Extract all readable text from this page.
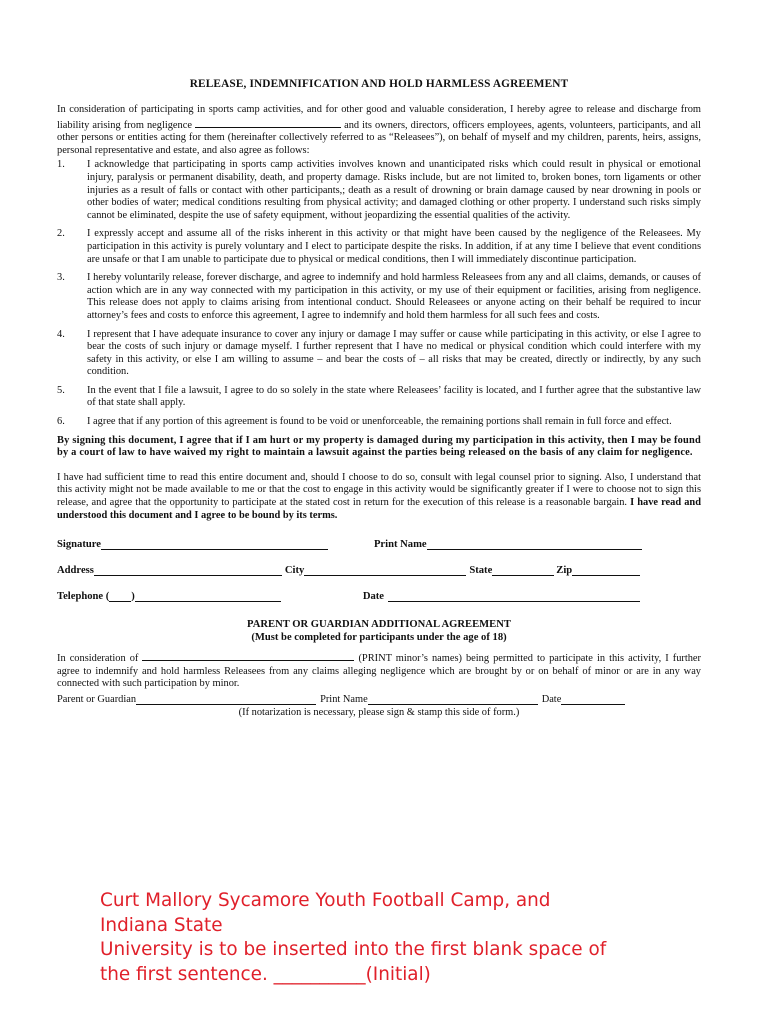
RELEASE, INDEMNIFICATION AND HOLD HARMLESS AGREEMENT

In consideration of participating in sports camp activities, and for other good and valuable consideration, I hereby agree to release and discharge from liability arising from negligence	and its owners, directors, officers employees, agents, volunteers, participants, and all other persons or entities acting for them (hereinafter collectively referred to as “Releasees”), on behalf of myself and my children, parents, heirs, assigns, personal representative and estate, and also agree as follows:

1.	I acknowledge that participating in sports camp activities involves known and unanticipated risks which could result in physical or emotional injury, paralysis or permanent disability, death, and property damage. Risks include, but are not limited to, broken bones, torn ligaments or other injuries as a result of falls or contact with other participants,; death as a result of drowning or brain damage caused by near drowning in pools or other bodies of water; medical conditions resulting from physical activity; and damaged clothing or other property. I understand such risks simply cannot be eliminated, despite the use of safety equipment, without jeopardizing the essential qualities of the activity.
2.	I expressly accept and assume all of the risks inherent in this activity or that might have been caused by the negligence of the Releasees. My participation in this activity is purely voluntary and I elect to participate despite the risks. In addition, if at any time I believe that event conditions are unsafe or that I am unable to participate due to physical or medical conditions, then I will immediately discontinue participation.
3.	I hereby voluntarily release, forever discharge, and agree to indemnify and hold harmless Releasees from any and all claims, demands, or causes of action which are in any way connected with my participation in this activity, or my use of their equipment or facilities, arising from negligence. This release does not apply to claims arising from intentional conduct. Should Releasees or anyone acting on their behalf be required to incur attorney’s fees and costs to enforce this agreement, I agree to indemnify and hold them harmless for all such fees and costs.
4.	I represent that I have adequate insurance to cover any injury or damage I may suffer or cause while participating in this activity, or else I agree to bear the costs of such injury or damage myself. I further represent that I have no medical or physical condition which could interfere with my safety in this activity, or else I am willing to assume – and bear the costs of – all risks that may be created, directly or indirectly, by any such condition.
5.	In the event that I file a lawsuit, I agree to do so solely in the state where Releasees’ facility is located, and I further agree that the substantive law of that state shall apply.
6.	I agree that if any portion of this agreement is found to be void or unenforceable, the remaining portions shall remain in full force and effect.

By signing this document, I agree that if I am hurt or my property is damaged during my participation in this activity, then I may be found by a court of law to have waived my right to maintain a lawsuit against the parties being released on the basis of any claim for negligence.

I have had sufficient time to read this entire document and, should I choose to do so, consult with legal counsel prior to signing. Also, I understand that this activity might not be made available to me or that the cost to engage in this activity would be significantly greater if I were to choose not to sign this release, and agree that the opportunity to participate at the stated cost in return for the execution of this release is a reasonable bargain. I have read and understood this document and I agree to be bound by its terms.

Signature	Print Name
Address	City	State	Zip
Telephone ( )	Date
PARENT OR GUARDIAN ADDITIONAL AGREEMENT
(Must be completed for participants under the age of 18)

In consideration of	(PRINT minor’s names) being permitted to participate in this activity, I further agree to indemnify and hold harmless Releasees from any claims alleging negligence which are brought by or on behalf of minor or are in any way connected with such participation by minor.

Parent or Guardian	Print Name	Date
(If notarization is necessary, please sign & stamp this side of form.)
Curt Mallory Sycamore Youth Football Camp, and Indiana State
University is to be inserted into the first blank space of the first sentence. __________(Initial)
